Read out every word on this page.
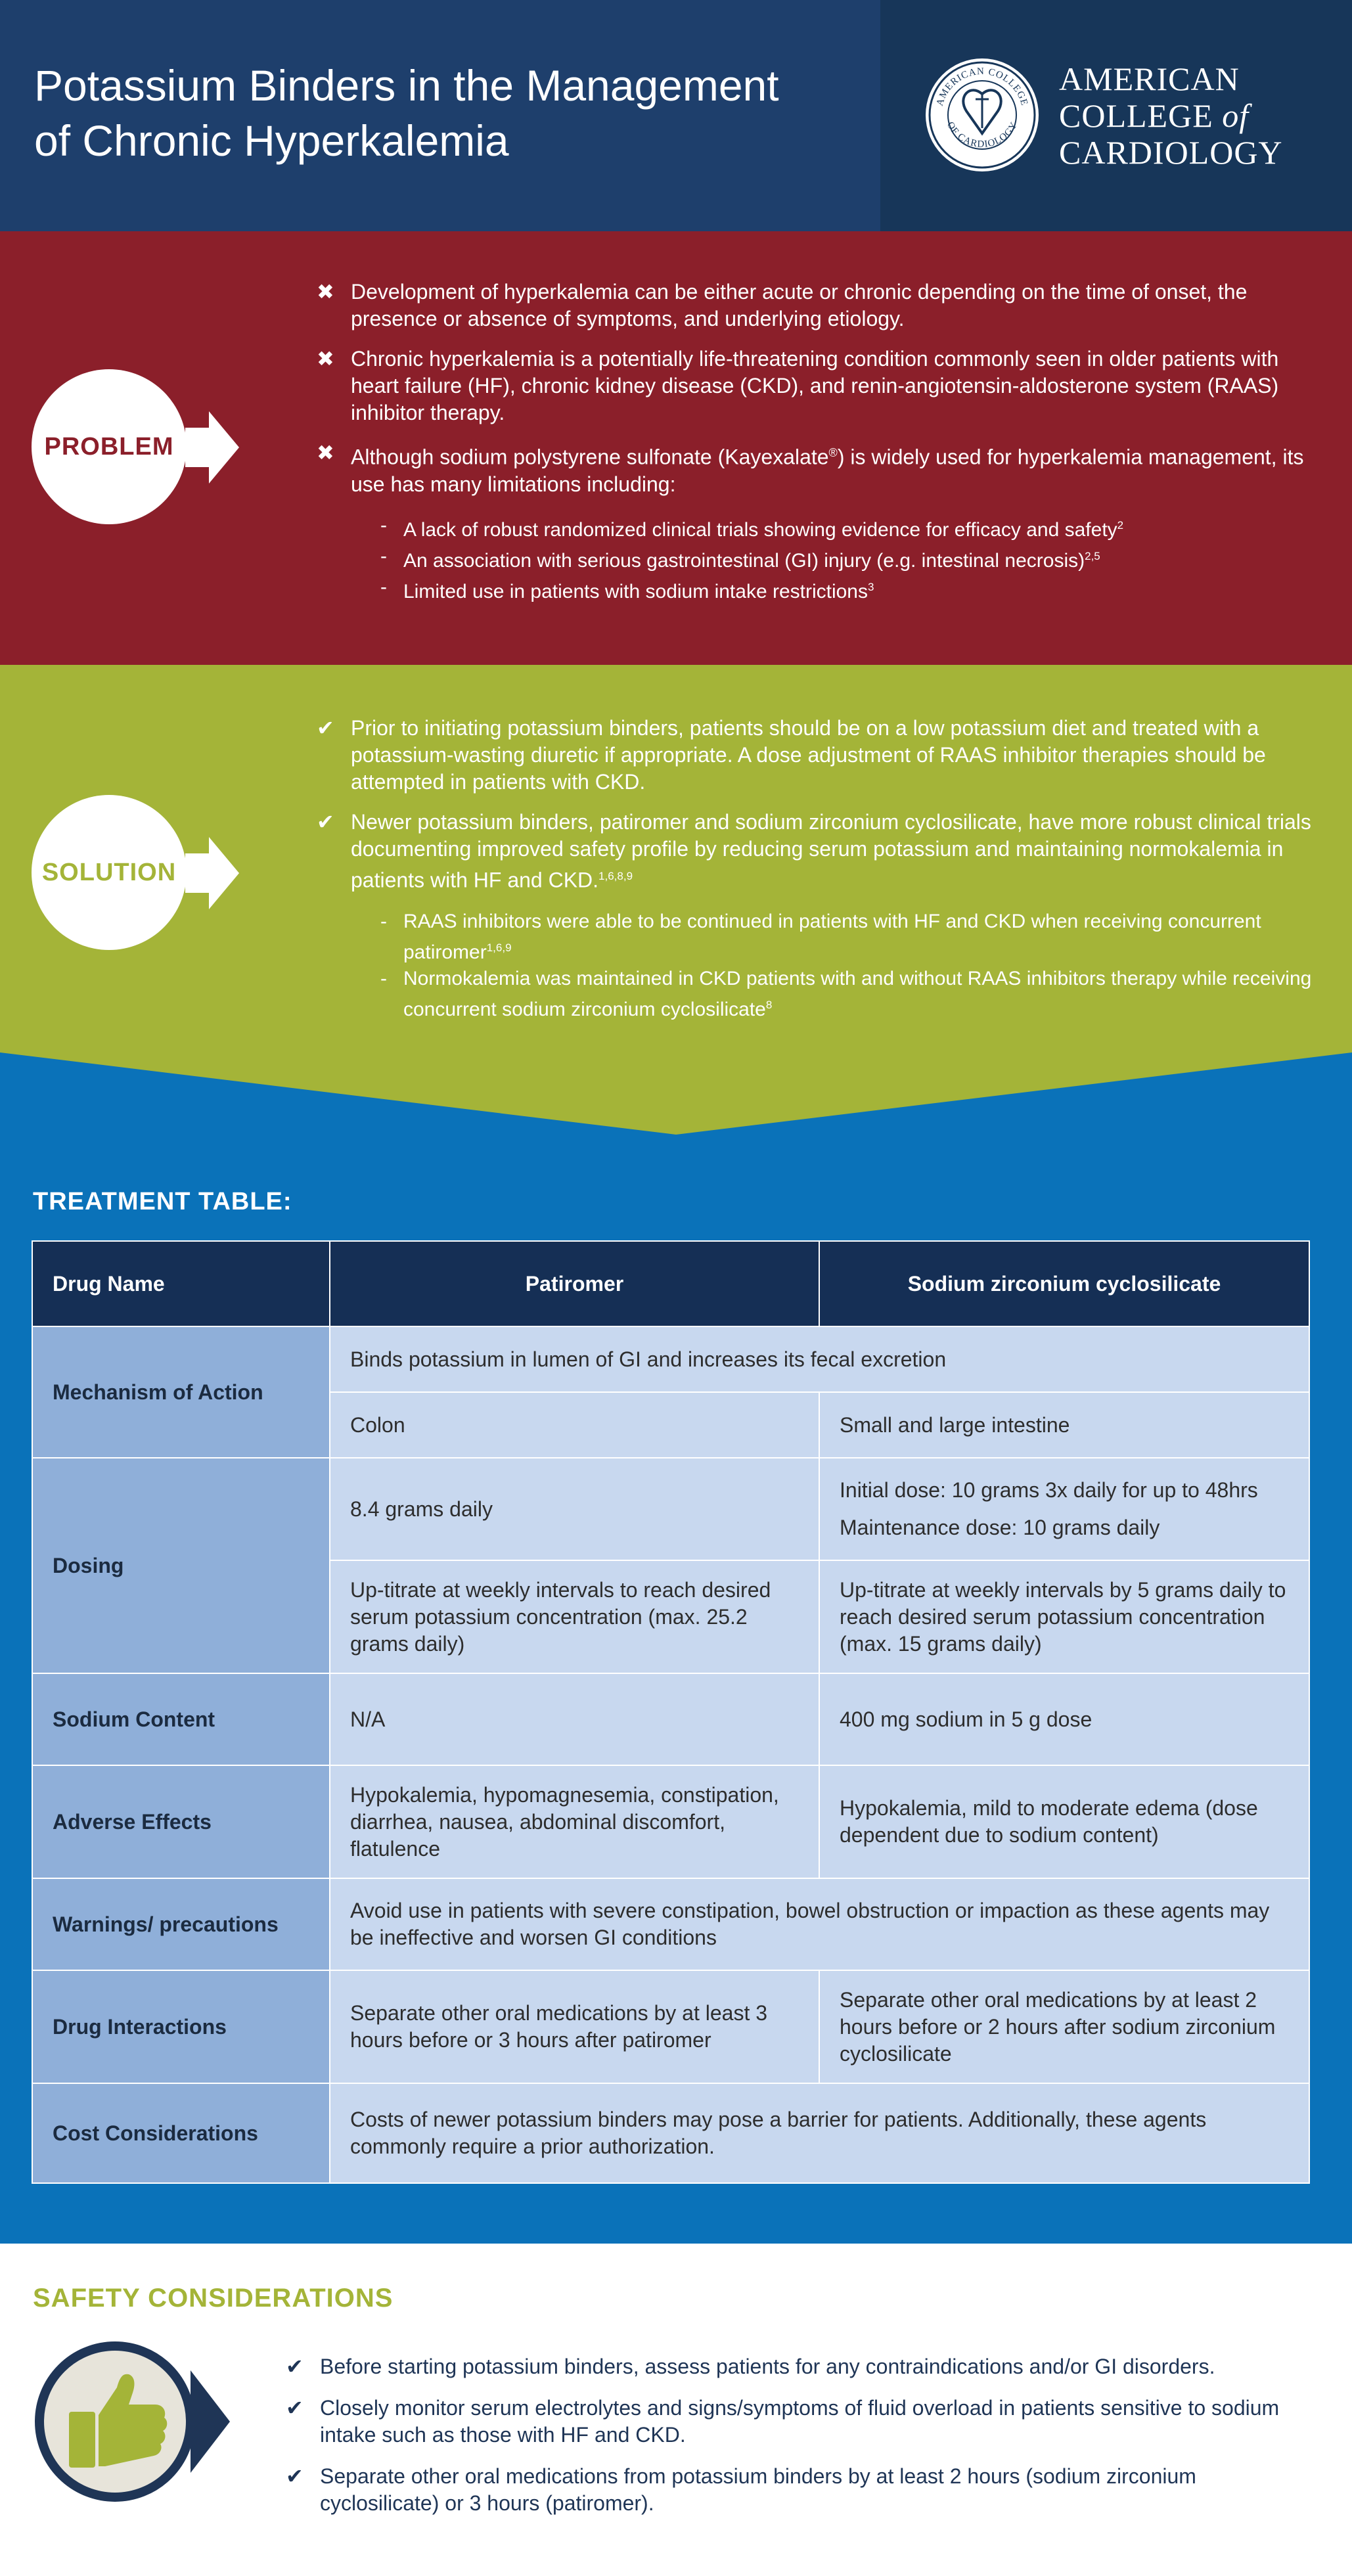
Potassium Binders in the Management
of Chronic Hyperkalemia
AMERICAN COLLEGE
OF CARDIOLOGY
AMERICAN
COLLEGE of
CARDIOLOGY
PROBLEM
✖ Development of hyperkalemia can be either acute or chronic depending on the time of onset, the presence or absence of symptoms, and underlying etiology.
✖ Chronic hyperkalemia is a potentially life-threatening condition commonly seen in older patients with heart failure (HF), chronic kidney disease (CKD), and renin-angiotensin-aldosterone system (RAAS) inhibitor therapy.
✖ Although sodium polystyrene sulfonate (Kayexalate®) is widely used for hyperkalemia management, its use has many limitations including:
- A lack of robust randomized clinical trials showing evidence for efficacy and safety$^2$
- An association with serious gastrointestinal (GI) injury (e.g. intestinal necrosis)$^{2,5}$
- Limited use in patients with sodium intake restrictions$^3$
SOLUTION
✔ Prior to initiating potassium binders, patients should be on a low potassium diet and treated with a potassium-wasting diuretic if appropriate. A dose adjustment of RAAS inhibitor therapies should be attempted in patients with CKD.
✔ Newer potassium binders, patiromer and sodium zirconium cyclosilicate, have more robust clinical trials documenting improved safety profile by reducing serum potassium and maintaining normokalemia in patients with HF and CKD.$^{1,6,8,9}$
- RAAS inhibitors were able to be continued in patients with HF and CKD when receiving concurrent patiromer$^{1,6,9}$
- Normokalemia was maintained in CKD patients with and without RAAS inhibitors therapy while receiving concurrent sodium zirconium cyclosilicate$^8$
TREATMENT TABLE:
Drug Name	Patiromer	Sodium zirconium cyclosilicate
Mechanism of Action	Binds potassium in lumen of GI and increases its fecal excretion	
	Colon	Small and large intestine
Dosing	8.4 grams daily	Initial dose: 10 grams 3x daily for up to 48hrs
Maintenance dose: 10 grams daily

	Up-titrate at weekly intervals to reach desired serum potassium concentration (max. 25.2 grams daily)	Up-titrate at weekly intervals by 5 grams daily to reach desired serum potassium concentration (max. 15 grams daily)
Sodium Content	N/A	400 mg sodium in 5 g dose
Adverse Effects	Hypokalemia, hypomagnesemia, constipation, diarrhea, nausea, abdominal discomfort, flatulence	Hypokalemia, mild to moderate edema (dose dependent due to sodium content)
Warnings/ precautions	Avoid use in patients with severe constipation, bowel obstruction or impaction as these agents may be ineffective and worsen GI conditions	
Drug Interactions	Separate other oral medications by at least 3 hours before or 3 hours after patiromer	Separate other oral medications by at least 2 hours before or 2 hours after sodium zirconium cyclosilicate
Cost Considerations	Costs of newer potassium binders may pose a barrier for patients. Additionally, these agents commonly require a prior authorization.	
SAFETY CONSIDERATIONS
✔ Before starting potassium binders, assess patients for any contraindications and/or GI disorders.
✔ Closely monitor serum electrolytes and signs/symptoms of fluid overload in patients sensitive to sodium intake such as those with HF and CKD.
✔ Separate other oral medications from potassium binders by at least 2 hours (sodium zirconium cyclosilicate) or 3 hours (patiromer).
